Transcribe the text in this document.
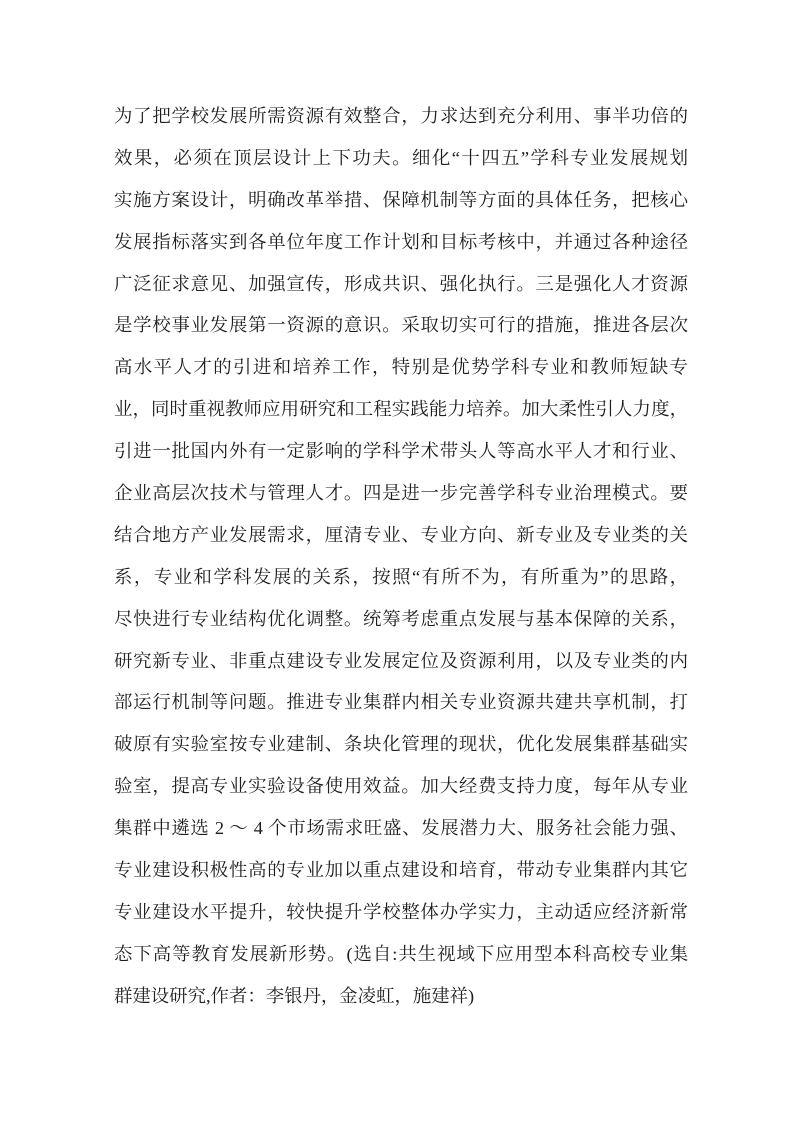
为了把学校发展所需资源有效整合，力求达到充分利用、事半功倍的
效果，必须在顶层设计上下功夫。细化“十四五”学科专业发展规划
实施方案设计，明确改革举措、保障机制等方面的具体任务，把核心
发展指标落实到各单位年度工作计划和目标考核中，并通过各种途径
广泛征求意见、加强宣传，形成共识、强化执行。三是强化人才资源
是学校事业发展第一资源的意识。采取切实可行的措施，推进各层次
高水平人才的引进和培养工作，特别是优势学科专业和教师短缺专
业，同时重视教师应用研究和工程实践能力培养。加大柔性引人力度，
引进一批国内外有一定影响的学科学术带头人等高水平人才和行业、
企业高层次技术与管理人才。四是进一步完善学科专业治理模式。要
结合地方产业发展需求，厘清专业、专业方向、新专业及专业类的关
系，专业和学科发展的关系，按照“有所不为，有所重为”的思路，
尽快进行专业结构优化调整。统筹考虑重点发展与基本保障的关系，
研究新专业、非重点建设专业发展定位及资源利用，以及专业类的内
部运行机制等问题。推进专业集群内相关专业资源共建共享机制，打
破原有实验室按专业建制、条块化管理的现状，优化发展集群基础实
验室，提高专业实验设备使用效益。加大经费支持力度，每年从专业
集群中遴选 2 ～ 4 个市场需求旺盛、发展潜力大、服务社会能力强、
专业建设积极性高的专业加以重点建设和培育，带动专业集群内其它
专业建设水平提升，较快提升学校整体办学实力，主动适应经济新常
态下高等教育发展新形势。(选自:共生视域下应用型本科高校专业集
群建设研究,作者：李银丹，金凌虹，施建祥)
